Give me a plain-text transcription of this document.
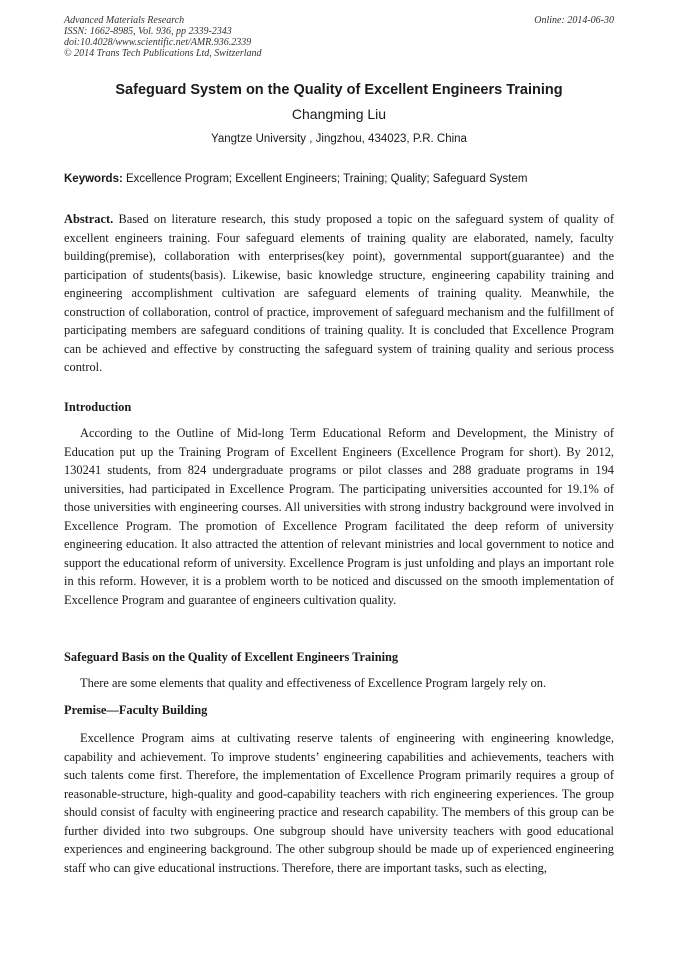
Advanced Materials Research
ISSN: 1662-8985, Vol. 936, pp 2339-2343
doi:10.4028/www.scientific.net/AMR.936.2339
© 2014 Trans Tech Publications Ltd, Switzerland
Online: 2014-06-30
Safeguard System on the Quality of Excellent Engineers Training
Changming Liu
Yangtze University , Jingzhou, 434023, P.R. China
Keywords: Excellence Program; Excellent Engineers; Training; Quality; Safeguard System
Abstract. Based on literature research, this study proposed a topic on the safeguard system of quality of excellent engineers training. Four safeguard elements of training quality are elaborated, namely, faculty building(premise), collaboration with enterprises(key point), governmental support(guarantee) and the participation of students(basis). Likewise, basic knowledge structure, engineering capability training and engineering accomplishment cultivation are safeguard elements of training quality. Meanwhile, the construction of collaboration, control of practice, improvement of safeguard mechanism and the fulfillment of participating members are safeguard conditions of training quality. It is concluded that Excellence Program can be achieved and effective by constructing the safeguard system of training quality and serious process control.
Introduction
According to the Outline of Mid-long Term Educational Reform and Development, the Ministry of Education put up the Training Program of Excellent Engineers (Excellence Program for short). By 2012, 130241 students, from 824 undergraduate programs or pilot classes and 288 graduate programs in 194 universities, had participated in Excellence Program. The participating universities accounted for 19.1% of those universities with engineering courses. All universities with strong industry background were involved in Excellence Program. The promotion of Excellence Program facilitated the deep reform of university engineering education. It also attracted the attention of relevant ministries and local government to notice and support the educational reform of university. Excellence Program is just unfolding and plays an important role in this reform. However, it is a problem worth to be noticed and discussed on the smooth implementation of Excellence Program and guarantee of engineers cultivation quality.
Safeguard Basis on the Quality of Excellent Engineers Training
There are some elements that quality and effectiveness of Excellence Program largely rely on.
Premise—Faculty Building
Excellence Program aims at cultivating reserve talents of engineering with engineering knowledge, capability and achievement. To improve students’ engineering capabilities and achievements, teachers with such talents come first. Therefore, the implementation of Excellence Program primarily requires a group of reasonable-structure, high-quality and good-capability teachers with rich engineering experiences. The group should consist of faculty with engineering practice and research capability. The members of this group can be further divided into two subgroups. One subgroup should have university teachers with good educational experiences and engineering background. The other subgroup should be made up of experienced engineering staff who can give educational instructions. Therefore, there are important tasks, such as electing,
